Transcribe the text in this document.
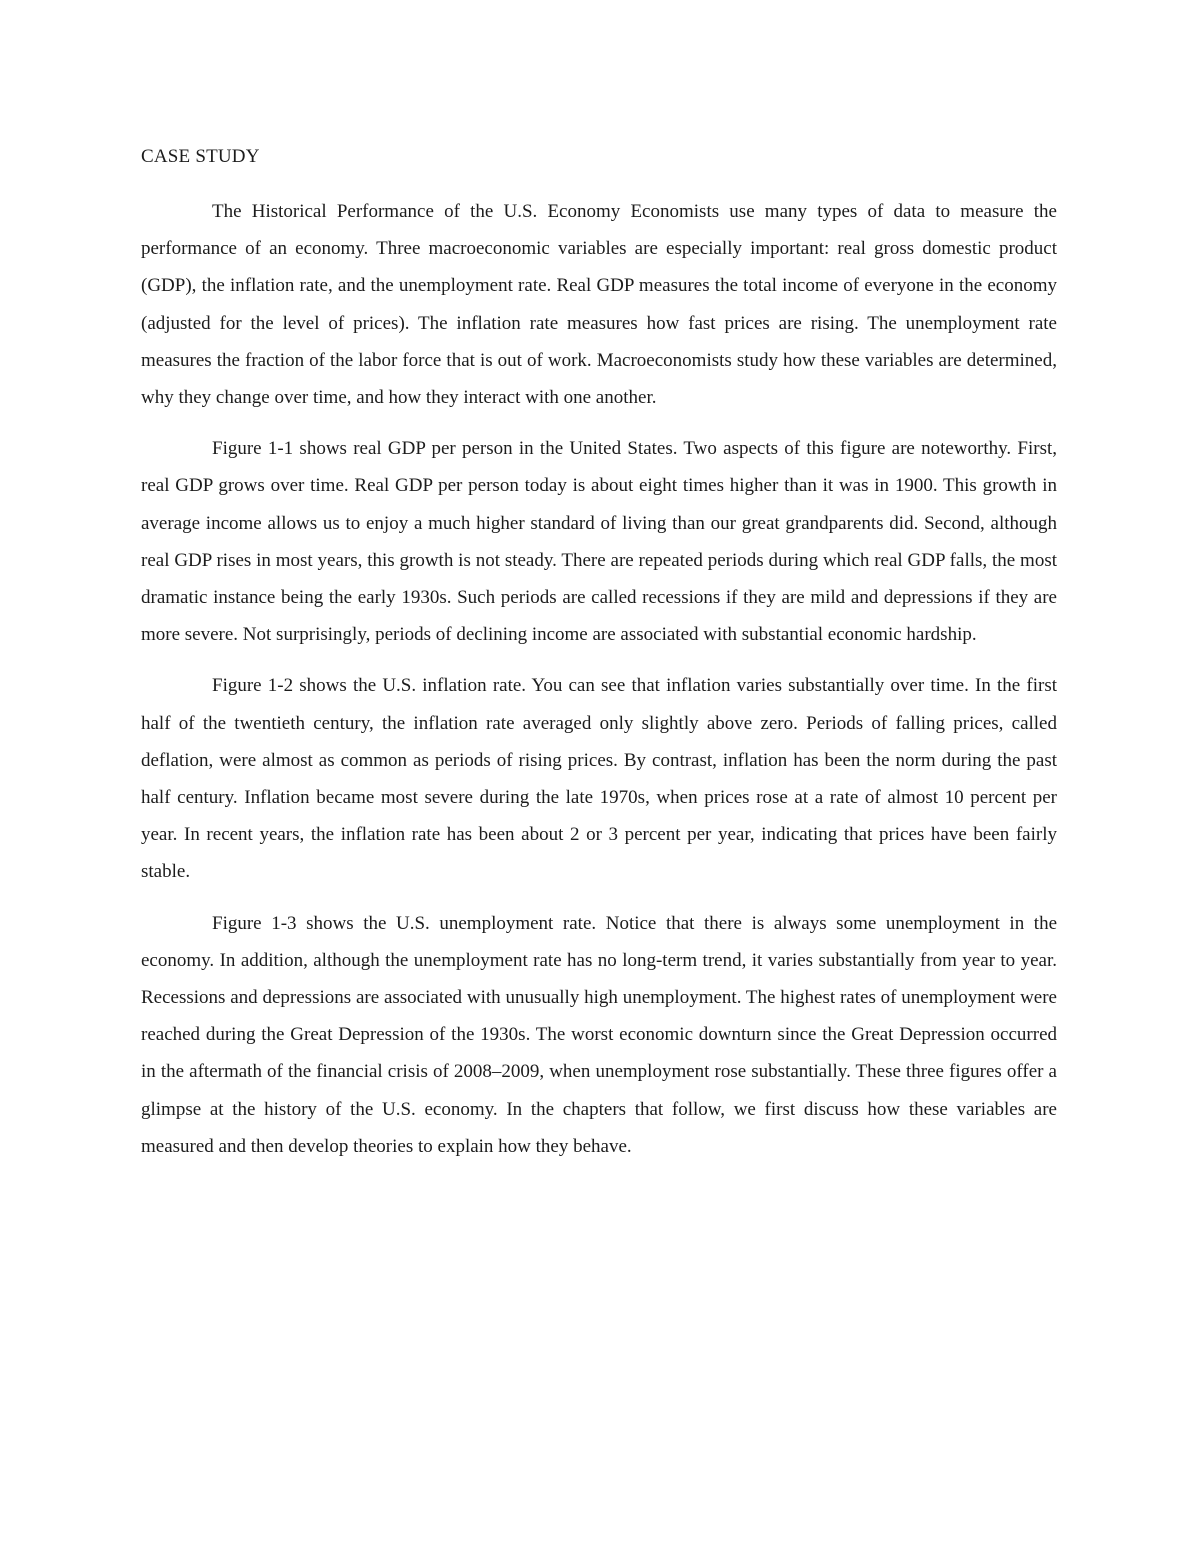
CASE STUDY

The Historical Performance of the U.S. Economy Economists use many types of data to measure the performance of an economy. Three macroeconomic variables are especially important: real gross domestic product (GDP), the inflation rate, and the unemployment rate. Real GDP measures the total income of everyone in the economy (adjusted for the level of prices). The inflation rate measures how fast prices are rising. The unemployment rate measures the fraction of the labor force that is out of work. Macroeconomists study how these variables are determined, why they change over time, and how they interact with one another.

Figure 1-1 shows real GDP per person in the United States. Two aspects of this figure are noteworthy. First, real GDP grows over time. Real GDP per person today is about eight times higher than it was in 1900. This growth in average income allows us to enjoy a much higher standard of living than our great grandparents did. Second, although real GDP rises in most years, this growth is not steady. There are repeated periods during which real GDP falls, the most dramatic instance being the early 1930s. Such periods are called recessions if they are mild and depressions if they are more severe. Not surprisingly, periods of declining income are associated with substantial economic hardship.

Figure 1-2 shows the U.S. inflation rate. You can see that inflation varies substantially over time. In the first half of the twentieth century, the inflation rate averaged only slightly above zero. Periods of falling prices, called deflation, were almost as common as periods of rising prices. By contrast, inflation has been the norm during the past half century. Inflation became most severe during the late 1970s, when prices rose at a rate of almost 10 percent per year. In recent years, the inflation rate has been about 2 or 3 percent per year, indicating that prices have been fairly stable.

Figure 1-3 shows the U.S. unemployment rate. Notice that there is always some unemployment in the economy. In addition, although the unemployment rate has no long-term trend, it varies substantially from year to year. Recessions and depressions are associated with unusually high unemployment. The highest rates of unemployment were reached during the Great Depression of the 1930s. The worst economic downturn since the Great Depression occurred in the aftermath of the financial crisis of 2008–2009, when unemployment rose substantially. These three figures offer a glimpse at the history of the U.S. economy. In the chapters that follow, we first discuss how these variables are measured and then develop theories to explain how they behave.
